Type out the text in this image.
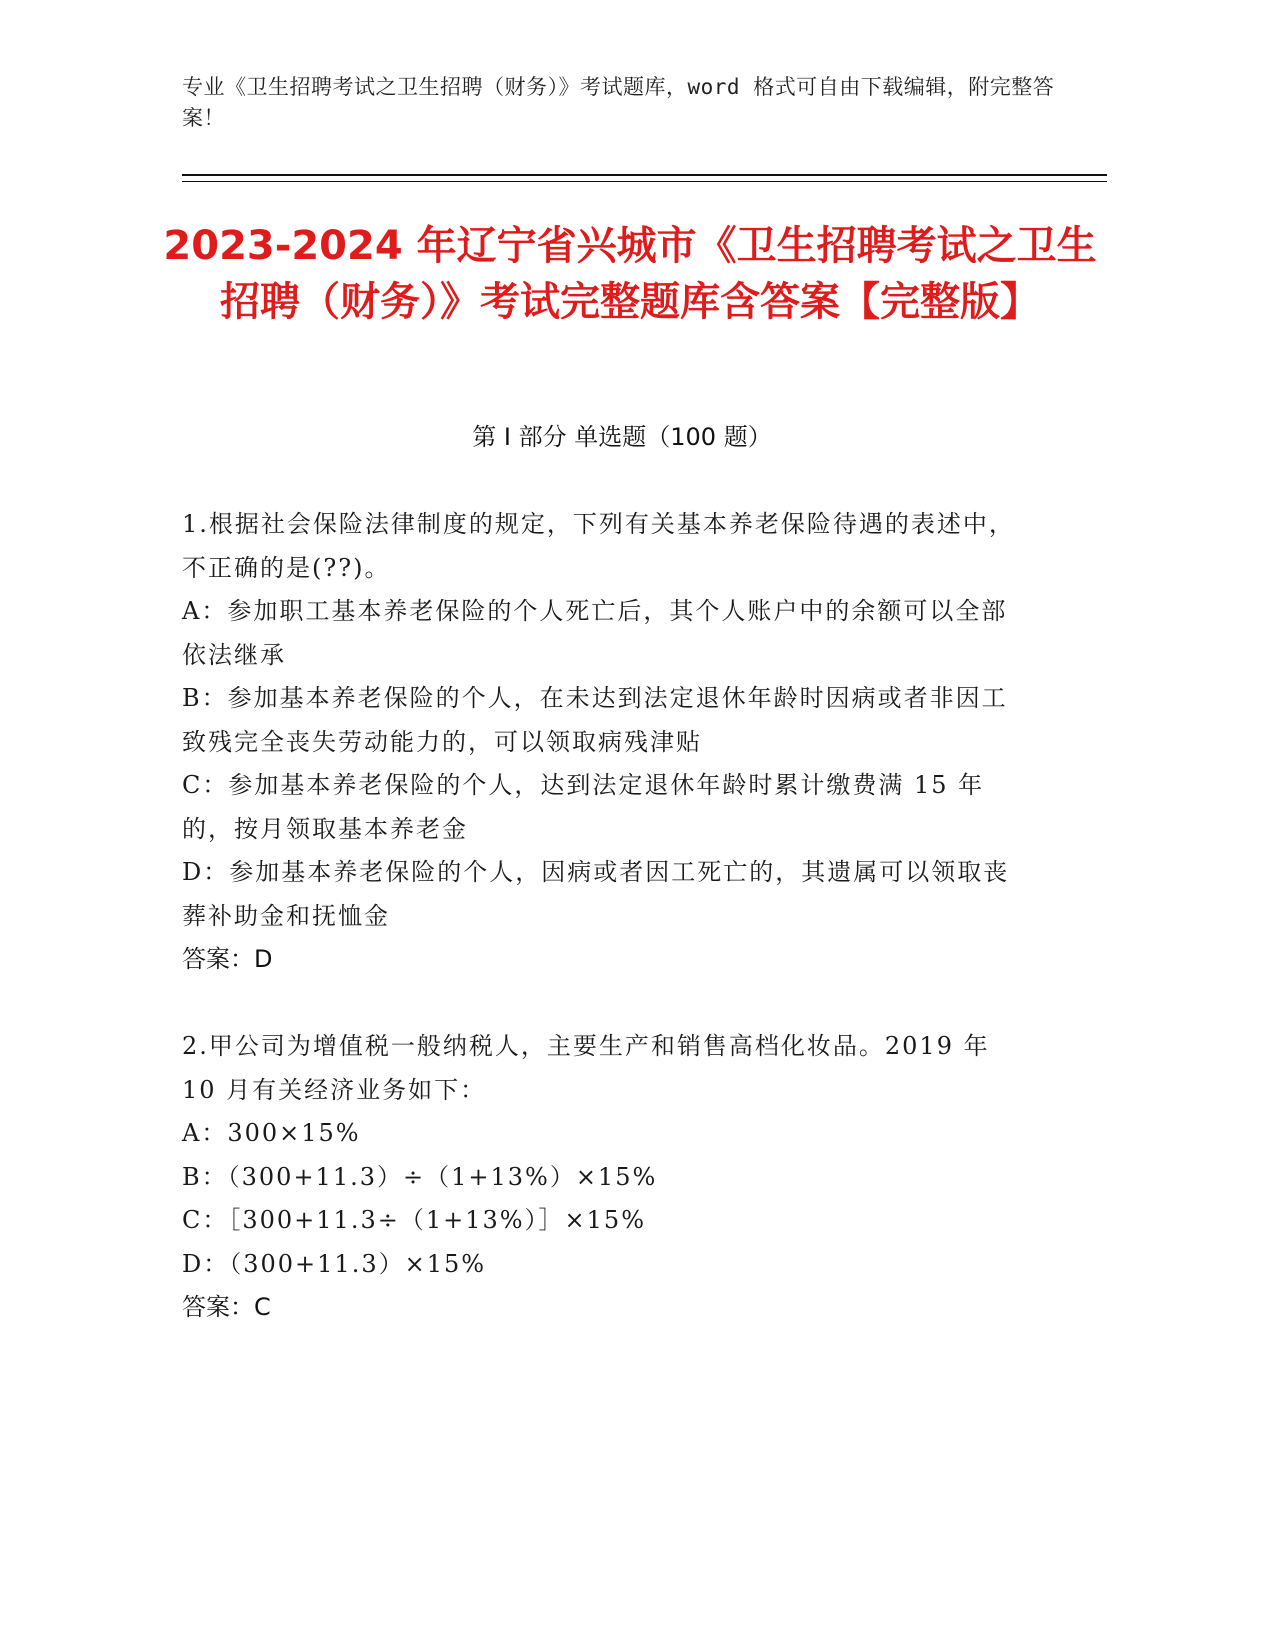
专业《卫生招聘考试之卫生招聘（财务）》考试题库，word 格式可自由下载编辑，附完整答案！
2023-2024 年辽宁省兴城市《卫生招聘考试之卫生招聘（财务）》考试完整题库含答案【完整版】
第 I 部分 单选题（100 题）

1.根据社会保险法律制度的规定，下列有关基本养老保险待遇的表述中，不正确的是(??)。

A：参加职工基本养老保险的个人死亡后，其个人账户中的余额可以全部依法继承

B：参加基本养老保险的个人，在未达到法定退休年龄时因病或者非因工致残完全丧失劳动能力的，可以领取病残津贴

C：参加基本养老保险的个人，达到法定退休年龄时累计缴费满 15 年的，按月领取基本养老金

D：参加基本养老保险的个人，因病或者因工死亡的，其遗属可以领取丧葬补助金和抚恤金

答案：D

2.甲公司为增值税一般纳税人，主要生产和销售高档化妆品。2019 年 10 月有关经济业务如下：

A：300×15%

B：（300+11.3）÷（1+13%）×15%

C：［300+11.3÷（1+13%）］×15%

D：（300+11.3）×15%

答案：C
